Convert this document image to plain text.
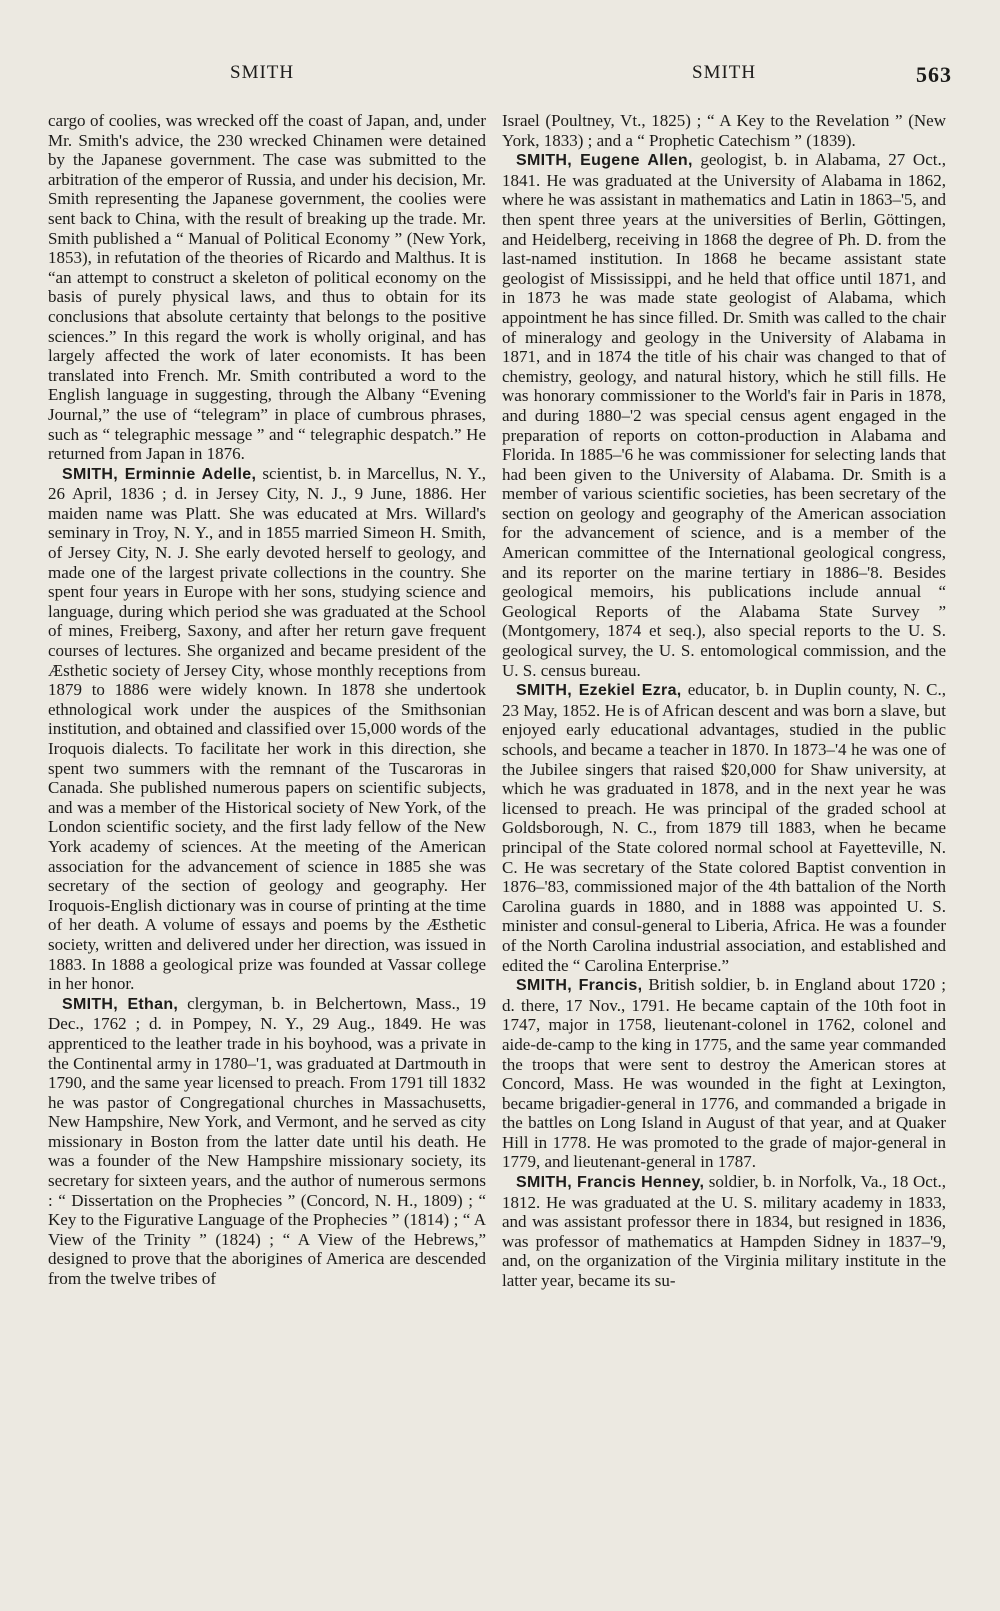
SMITH	SMITH	563

cargo of coolies, was wrecked off the coast of Japan, and, under Mr. Smith's advice, the 230 wrecked Chinamen were detained by the Japanese government. The case was submitted to the arbitration of the emperor of Russia, and under his decision, Mr. Smith representing the Japanese government, the coolies were sent back to China, with the result of breaking up the trade. Mr. Smith published a “ Manual of Political Economy ” (New York, 1853), in refutation of the theories of Ricardo and Malthus. It is “an attempt to construct a skeleton of political economy on the basis of purely physical laws, and thus to obtain for its conclusions that absolute certainty that belongs to the positive sciences.” In this regard the work is wholly original, and has largely affected the work of later economists. It has been translated into French. Mr. Smith contributed a word to the English language in suggesting, through the Albany “Evening Journal,” the use of “telegram” in place of cumbrous phrases, such as “ telegraphic message ” and “ telegraphic despatch.” He returned from Japan in 1876.

SMITH, Erminnie Adelle, scientist, b. in Marcellus, N. Y., 26 April, 1836 ; d. in Jersey City, N. J., 9 June, 1886. Her maiden name was Platt. She was educated at Mrs. Willard's seminary in Troy, N. Y., and in 1855 married Simeon H. Smith, of Jersey City, N. J. She early devoted herself to geology, and made one of the largest private collections in the country. She spent four years in Europe with her sons, studying science and language, during which period she was graduated at the School of mines, Freiberg, Saxony, and after her return gave frequent courses of lectures. She organized and became president of the Æsthetic society of Jersey City, whose monthly receptions from 1879 to 1886 were widely known. In 1878 she undertook ethnological work under the auspices of the Smithsonian institution, and obtained and classified over 15,000 words of the Iroquois dialects. To facilitate her work in this direction, she spent two summers with the remnant of the Tuscaroras in Canada. She published numerous papers on scientific subjects, and was a member of the Historical society of New York, of the London scientific society, and the first lady fellow of the New York academy of sciences. At the meeting of the American association for the advancement of science in 1885 she was secretary of the section of geology and geography. Her Iroquois-English dictionary was in course of printing at the time of her death. A volume of essays and poems by the Æsthetic society, written and delivered under her direction, was issued in 1883. In 1888 a geological prize was founded at Vassar college in her honor.

SMITH, Ethan, clergyman, b. in Belchertown, Mass., 19 Dec., 1762 ; d. in Pompey, N. Y., 29 Aug., 1849. He was apprenticed to the leather trade in his boyhood, was a private in the Continental army in 1780–'1, was graduated at Dartmouth in 1790, and the same year licensed to preach. From 1791 till 1832 he was pastor of Congregational churches in Massachusetts, New Hampshire, New York, and Vermont, and he served as city missionary in Boston from the latter date until his death. He was a founder of the New Hampshire missionary society, its secretary for sixteen years, and the author of numerous sermons : “ Dissertation on the Prophecies ” (Concord, N. H., 1809) ; “ Key to the Figurative Language of the Prophecies ” (1814) ; “ A View of the Trinity ” (1824) ; “ A View of the Hebrews,” designed to prove that the aborigines of America are descended from the twelve tribes of

Israel (Poultney, Vt., 1825) ; “ A Key to the Revelation ” (New York, 1833) ; and a “ Prophetic Catechism ” (1839).

SMITH, Eugene Allen, geologist, b. in Alabama, 27 Oct., 1841. He was graduated at the University of Alabama in 1862, where he was assistant in mathematics and Latin in 1863–'5, and then spent three years at the universities of Berlin, Göttingen, and Heidelberg, receiving in 1868 the degree of Ph. D. from the last-named institution. In 1868 he became assistant state geologist of Mississippi, and he held that office until 1871, and in 1873 he was made state geologist of Alabama, which appointment he has since filled. Dr. Smith was called to the chair of mineralogy and geology in the University of Alabama in 1871, and in 1874 the title of his chair was changed to that of chemistry, geology, and natural history, which he still fills. He was honorary commissioner to the World's fair in Paris in 1878, and during 1880–'2 was special census agent engaged in the preparation of reports on cotton-production in Alabama and Florida. In 1885–'6 he was commissioner for selecting lands that had been given to the University of Alabama. Dr. Smith is a member of various scientific societies, has been secretary of the section on geology and geography of the American association for the advancement of science, and is a member of the American committee of the International geological congress, and its reporter on the marine tertiary in 1886–'8. Besides geological memoirs, his publications include annual “ Geological Reports of the Alabama State Survey ” (Montgomery, 1874 et seq.), also special reports to the U. S. geological survey, the U. S. entomological commission, and the U. S. census bureau.

SMITH, Ezekiel Ezra, educator, b. in Duplin county, N. C., 23 May, 1852. He is of African descent and was born a slave, but enjoyed early educational advantages, studied in the public schools, and became a teacher in 1870. In 1873–'4 he was one of the Jubilee singers that raised $20,000 for Shaw university, at which he was graduated in 1878, and in the next year he was licensed to preach. He was principal of the graded school at Goldsborough, N. C., from 1879 till 1883, when he became principal of the State colored normal school at Fayetteville, N. C. He was secretary of the State colored Baptist convention in 1876–'83, commissioned major of the 4th battalion of the North Carolina guards in 1880, and in 1888 was appointed U. S. minister and consul-general to Liberia, Africa. He was a founder of the North Carolina industrial association, and established and edited the “ Carolina Enterprise.”

SMITH, Francis, British soldier, b. in England about 1720 ; d. there, 17 Nov., 1791. He became captain of the 10th foot in 1747, major in 1758, lieutenant-colonel in 1762, colonel and aide-de-camp to the king in 1775, and the same year commanded the troops that were sent to destroy the American stores at Concord, Mass. He was wounded in the fight at Lexington, became brigadier-general in 1776, and commanded a brigade in the battles on Long Island in August of that year, and at Quaker Hill in 1778. He was promoted to the grade of major-general in 1779, and lieutenant-general in 1787.

SMITH, Francis Henney, soldier, b. in Norfolk, Va., 18 Oct., 1812. He was graduated at the U. S. military academy in 1833, and was assistant professor there in 1834, but resigned in 1836, was professor of mathematics at Hampden Sidney in 1837–'9, and, on the organization of the Virginia military institute in the latter year, became its su-
